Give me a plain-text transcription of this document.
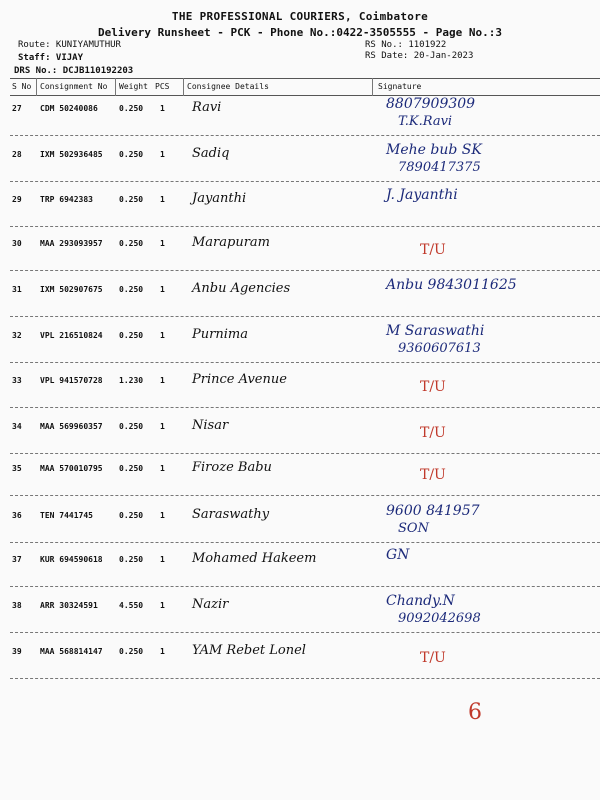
THE PROFESSIONAL COURIERS, Coimbatore
Delivery Runsheet - PCK - Phone No.:0422-3505555 - Page No.:3
Route: KUNIYAMUTHUR
Staff: VIJAY
DRS No.: DCJB110192203
RS No.: 1101922
RS Date: 20-Jan-2023
S No Consignment No Weight PCS Consignee Details	Signature
27 CDM 50240086	0.250 1 Ravi	8807909309
T.K.Ravi
28 IXM 502936485 0.250 1 Sadiq	Mehe bub SK
7890417375
29 TRP 6942383	0.250 1 Jayanthi	J. Jayanthi
30 MAA 293093957 0.250 1 Marapuram	T/U
31 IXM 502907675 0.250 1 Anbu Agencies	Anbu 9843011625
32 VPL 216510824 0.250 1 Purnima	M Saraswathi
9360607613
33 VPL 941570728 1.230 1 Prince Avenue	T/U
34 MAA 569960357 0.250 1 Nisar	T/U
35 MAA 570010795 0.250 1 Firoze Babu	T/U
36 TEN 7441745	0.250 1 Saraswathy	9600 841957
SON
37 KUR 694590618 0.250 1 Mohamed Hakeem	GN
38 ARR 30324591	4.550 1 Nazir	Chandy.N
9092042698
39 MAA 568814147 0.250 1 YAM Rebet Lonel	T/U
6
